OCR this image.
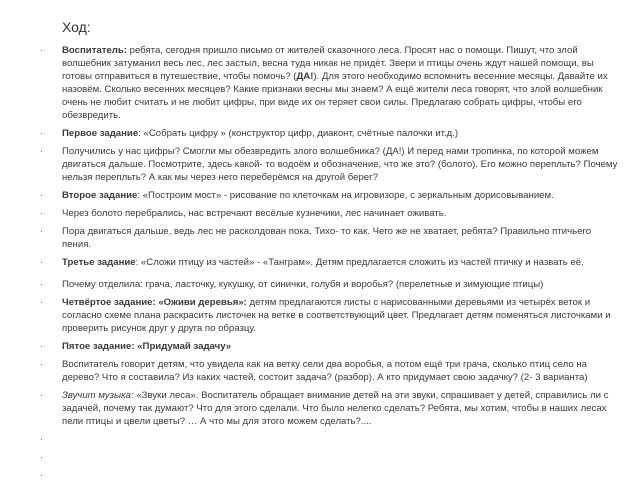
Ход:
· Воспитатель: ребята, сегодня пришло письмо от жителей сказочного леса. Просят нас о помощи. Пишут, что злой волшебник затуманил весь лес, лес застыл, весна туда никак не придёт. Звери и птицы очень ждут нашей помощи, вы готовы отправиться в путешествие, чтобы помочь? (ДА!). Для этого необходимо вспомнить весенние месяцы. Давайте их назовём. Сколько весенних месяцев? Какие признаки весны мы знаем? А ещё жители леса говорят, что злой волшебник очень не любит считать и не любит цифры, при виде их он теряет свои силы. Предлагаю собрать цифры, чтобы его обезвредить.
· Первое задание: «Собрать цифру » (конструктор цифр, диаконт, счётные палочки ит.д.)
· Получились у нас цифры? Смогли мы обезвредить злого волшебника? (ДА!) И перед нами тропинка, по которой можем двигаться дальше. Посмотрите, здесь какой- то водоём и обозначение, что же это? (болото). Его можно перепльть? Почему нельзя перепльть? А как мы через него переберёмся на другой берег?
· Второе задание: «Построим мост» - рисование по клеточкам на игровизоре, с зеркальным дорисовыванием.
· Через болото перебрались, нас встречают весёлые кузнечики, лес начинает оживать.
· Пора двигаться дальше, ведь лес не расколдован пока. Тихо- то как. Чего же не хватает, ребята? Правильно птичьего пения.
· Третье задание: «Сложи птицу из частей» - «Танграм». Детям предлагается сложить из частей птичку и назвать её.
· Почему отделила: грача, ласточку, кукушку, от синички, голубя и воробья? (перелетные и зимующие птицы)
· Четвёртое задание: «Оживи деревья»: детям предлагаются листы с нарисованными деревьями из четырёх веток и согласно схеме плана раскрасить листочек на ветке в соответствующий цвет. Предлагает детям поменяться листочками и проверить рисунок друг у друга по образцу.
· Пятое задание: «Придумай задачу»
· Воспитатель говорит детям, что увидела как на ветку сели два воробья, а потом ещё три грача, сколько птиц село на дерево? Что я составила? Из каких частей, состоит задача? (разбор). А кто придумает свою задачку? (2- 3 варианта)
· Звучит музыка: «Звуки леса». Воспитатель обращает внимание детей на эти звуки, спрашивает у детей, справились ли с задачей, почему так думают? Что для этого сделали. Что было нелегко сделать? Ребята, мы хотим, чтобы в наших лесах пели птицы и цвели цветы? … А что мы для этого можем сделать?....
·
·
·
